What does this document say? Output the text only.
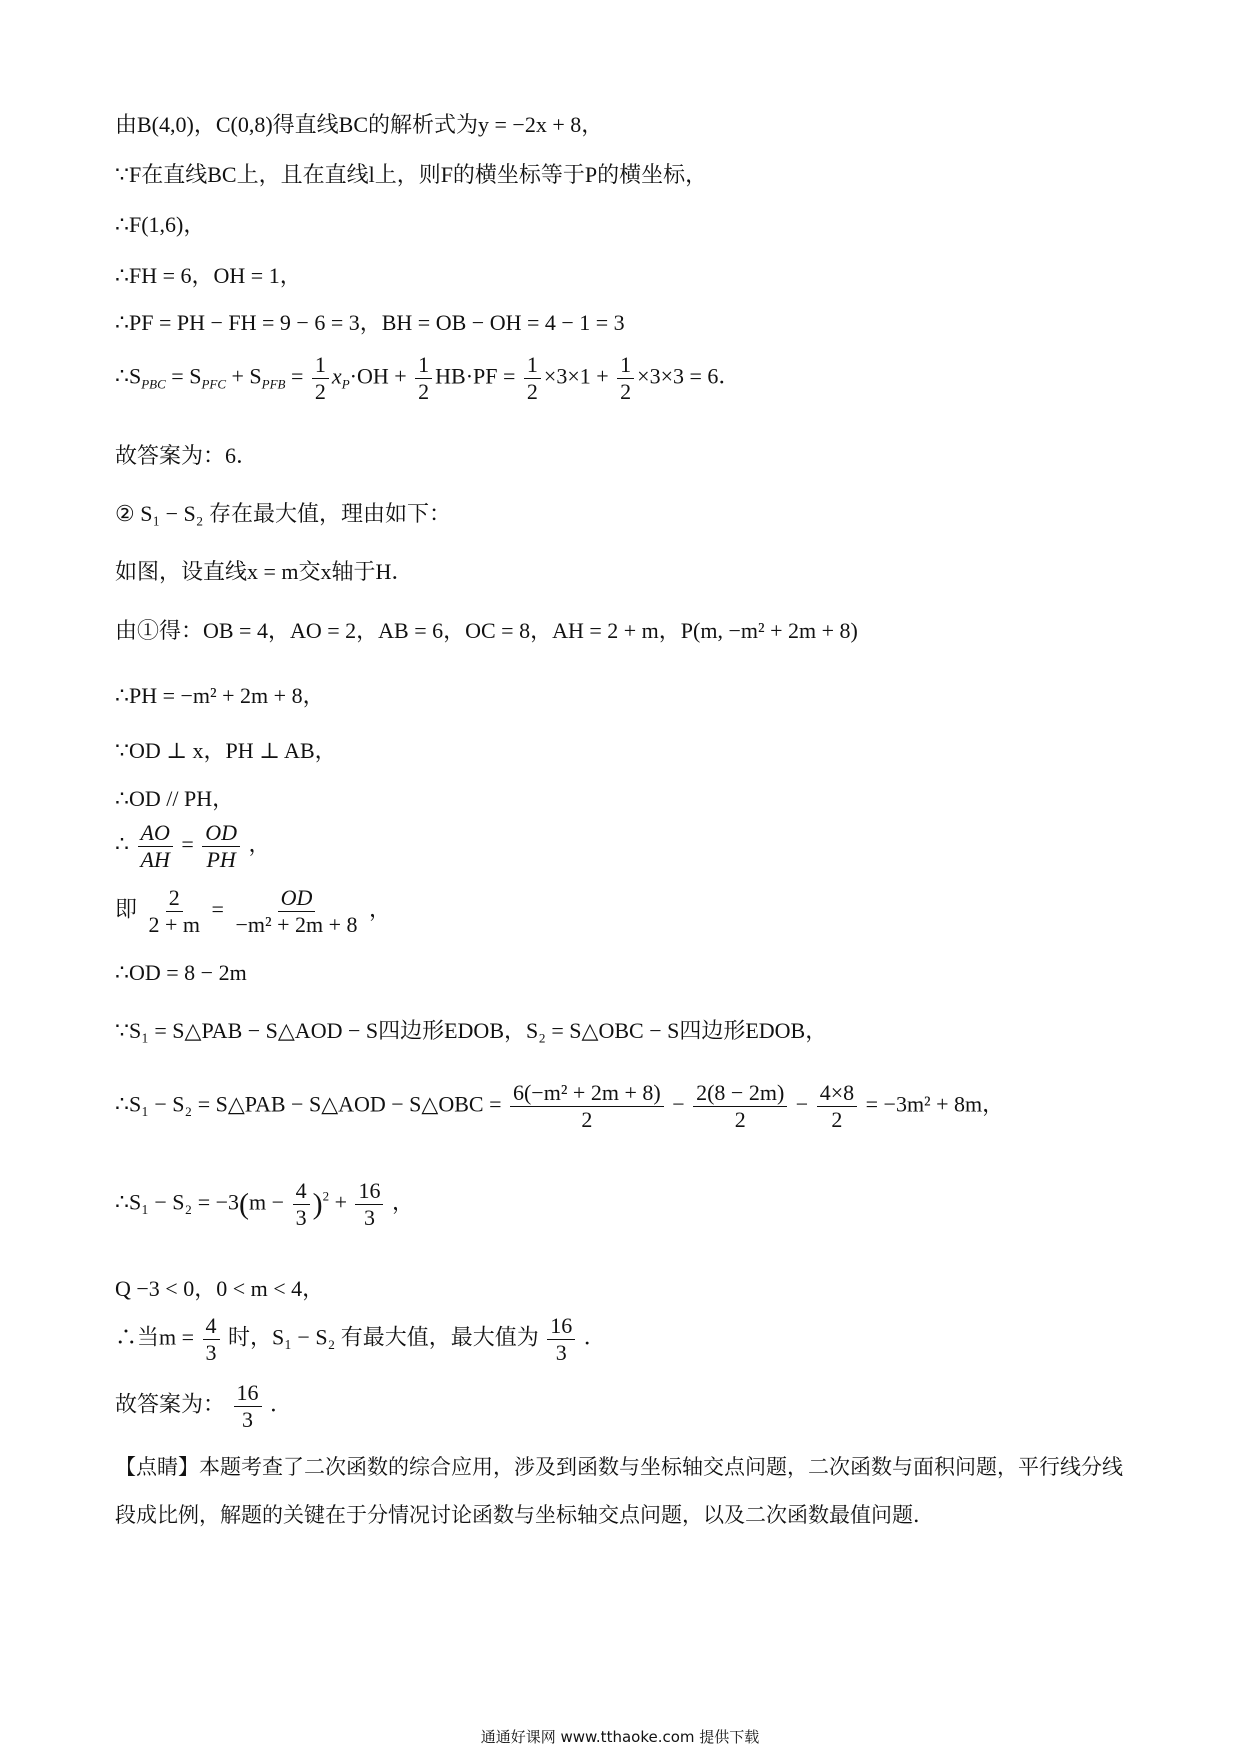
由B(4,0)，C(0,8)得直线BC的解析式为y = −2x + 8，
∵F在直线BC上，且在直线l上，则F的横坐标等于P的横坐标，
∴F(1,6)，
∴FH = 6，OH = 1，
∴PF = PH − FH = 9 − 6 = 3，BH = OB − OH = 4 − 1 = 3
$\therefore S_{PBC} = S_{PFC} + S_{PFB} = \frac{1}{2} x_P\cdot OH + \frac{1}{2} HB\cdot PF = \frac{1}{2} \times 3\times 1 + \frac{1}{2} \times 3\times 3 = 6$．
故答案为：6．
② S₁ − S₂ 存在最大值，理由如下：
如图，设直线x = m交x轴于H．
由①得：OB = 4，AO = 2，AB = 6，OC = 8，AH = 2 + m，P(m, −m² + 2m + 8)
∴PH = −m² + 2m + 8，
∵OD ⊥ x，PH ⊥ AB，
∴OD // PH，
∴ $\frac{AO}{AH} = \frac{OD}{PH}$ ，
即 $\frac{2}{2 + m} = \frac{OD}{\text{−m² + 2m + 8}}$ ，
∴OD = 8 − 2m
∵S₁ = S△PAB − S△AOD − S四边形EDOB，S₂ = S△OBC − S四边形EDOB，
∴S₁ − S₂ = S△PAB − S△AOD − S△OBC = $\frac{\text{6(−m² + 2m + 8)}}{2} - \frac{2(8 - 2m)}{2} - \frac{4\times 8}{2} = -3m^2 + 8m$，
∴S₁ − $S_2 = -3(m - \frac{4}{3} )^2 + \frac{16}{3}$ ，
Q −3 < 0，0 < m < 4，
∴当$m = \frac{4}{3}$ 时，S₁ − S₂ 有最大值，最大值为 $\frac{16}{3}$ ．
故答案为： $\frac{16}{3}$ ．
【点睛】本题考查了二次函数的综合应用，涉及到函数与坐标轴交点问题，二次函数与面积问题，平行线分线段成比例，解题的关键在于分情况讨论函数与坐标轴交点问题，以及二次函数最值问题．
通通好课网 www.tthaoke.com 提供下载
